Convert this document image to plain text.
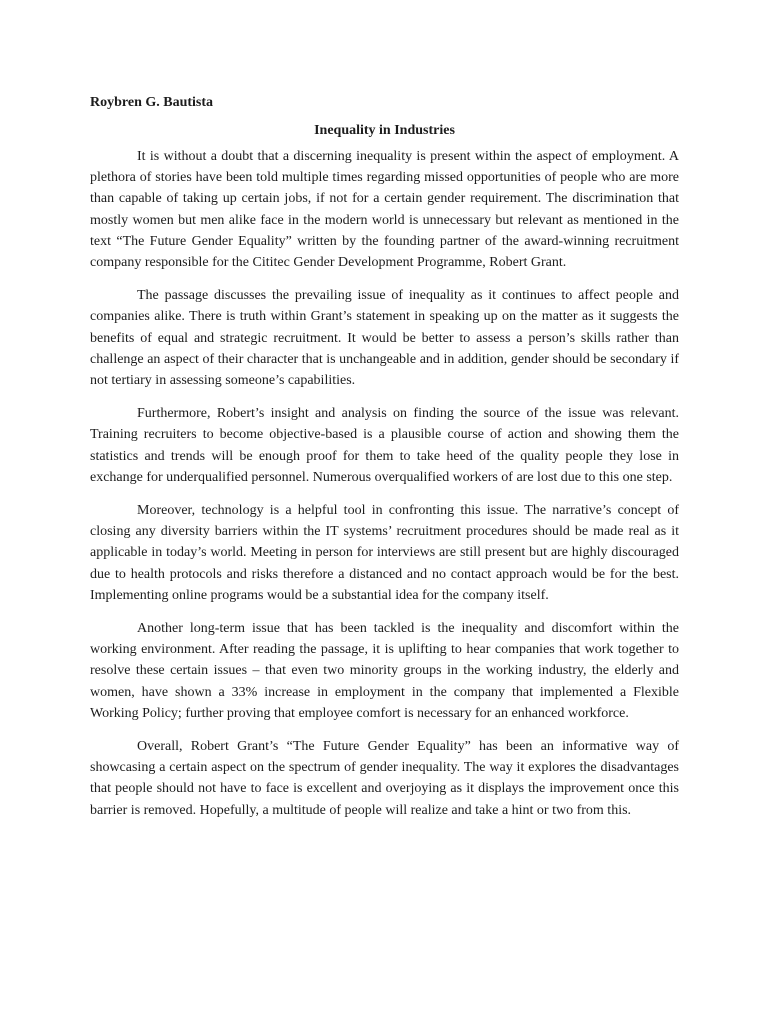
Roybren G. Bautista

Inequality in Industries

It is without a doubt that a discerning inequality is present within the aspect of employment. A plethora of stories have been told multiple times regarding missed opportunities of people who are more than capable of taking up certain jobs, if not for a certain gender requirement. The discrimination that mostly women but men alike face in the modern world is unnecessary but relevant as mentioned in the text “The Future Gender Equality” written by the founding partner of the award-winning recruitment company responsible for the Cititec Gender Development Programme, Robert Grant.

The passage discusses the prevailing issue of inequality as it continues to affect people and companies alike. There is truth within Grant’s statement in speaking up on the matter as it suggests the benefits of equal and strategic recruitment. It would be better to assess a person’s skills rather than challenge an aspect of their character that is unchangeable and in addition, gender should be secondary if not tertiary in assessing someone’s capabilities.

Furthermore, Robert’s insight and analysis on finding the source of the issue was relevant. Training recruiters to become objective-based is a plausible course of action and showing them the statistics and trends will be enough proof for them to take heed of the quality people they lose in exchange for underqualified personnel. Numerous overqualified workers of are lost due to this one step.

Moreover, technology is a helpful tool in confronting this issue. The narrative’s concept of closing any diversity barriers within the IT systems’ recruitment procedures should be made real as it applicable in today’s world. Meeting in person for interviews are still present but are highly discouraged due to health protocols and risks therefore a distanced and no contact approach would be for the best. Implementing online programs would be a substantial idea for the company itself.

Another long-term issue that has been tackled is the inequality and discomfort within the working environment. After reading the passage, it is uplifting to hear companies that work together to resolve these certain issues – that even two minority groups in the working industry, the elderly and women, have shown a 33% increase in employment in the company that implemented a Flexible Working Policy; further proving that employee comfort is necessary for an enhanced workforce.

Overall, Robert Grant’s “The Future Gender Equality” has been an informative way of showcasing a certain aspect on the spectrum of gender inequality. The way it explores the disadvantages that people should not have to face is excellent and overjoying as it displays the improvement once this barrier is removed. Hopefully, a multitude of people will realize and take a hint or two from this.
